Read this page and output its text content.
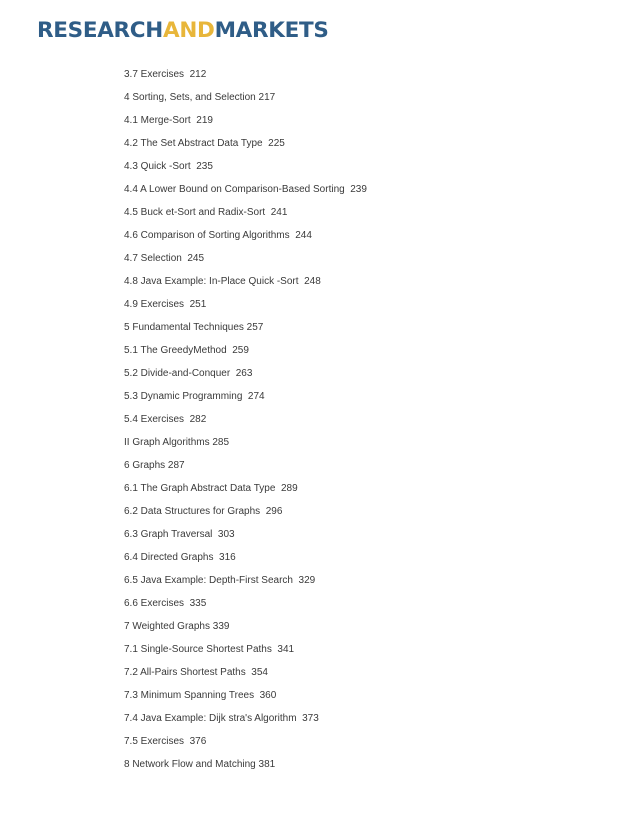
RESEARCHANDMARKETS
3.7 Exercises  212
4 Sorting, Sets, and Selection 217
4.1 Merge-Sort  219
4.2 The Set Abstract Data Type  225
4.3 Quick -Sort  235
4.4 A Lower Bound on Comparison-Based Sorting  239
4.5 Buck et-Sort and Radix-Sort  241
4.6 Comparison of Sorting Algorithms  244
4.7 Selection  245
4.8 Java Example: In-Place Quick -Sort  248
4.9 Exercises  251
5 Fundamental Techniques 257
5.1 The GreedyMethod  259
5.2 Divide-and-Conquer  263
5.3 Dynamic Programming  274
5.4 Exercises  282
II Graph Algorithms 285
6 Graphs 287
6.1 The Graph Abstract Data Type  289
6.2 Data Structures for Graphs  296
6.3 Graph Traversal  303
6.4 Directed Graphs  316
6.5 Java Example: Depth-First Search  329
6.6 Exercises  335
7 Weighted Graphs 339
7.1 Single-Source Shortest Paths  341
7.2 All-Pairs Shortest Paths  354
7.3 Minimum Spanning Trees  360
7.4 Java Example: Dijk stra's Algorithm  373
7.5 Exercises  376
8 Network Flow and Matching 381
